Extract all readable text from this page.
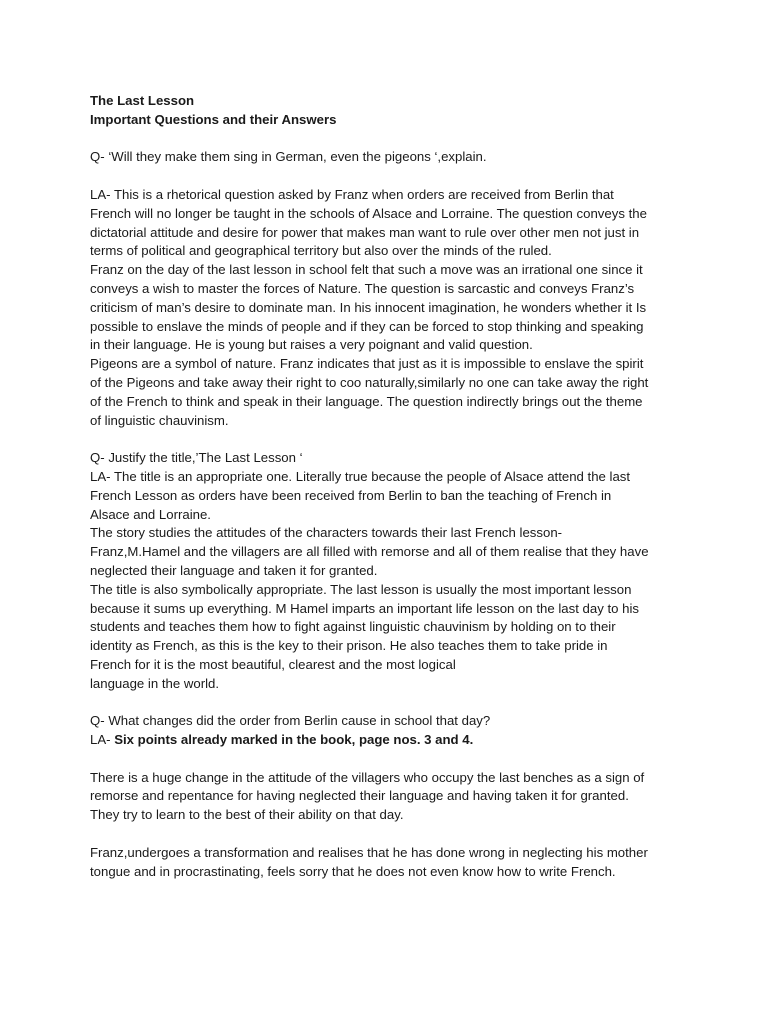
The Last Lesson
Important Questions and their Answers
Q- ‘Will they make them sing in German, even the pigeons ‘,explain.
LA- This is a rhetorical question asked by Franz when orders are received from Berlin that
French will no longer be taught in the schools of Alsace and Lorraine. The question conveys the
dictatorial attitude and desire for power that makes man want to rule over other men not just in
terms of political and geographical territory but also over the minds of the ruled.
Franz on the day of the last lesson in school felt that such a move was an irrational one since it
conveys a wish to master the forces of Nature. The question is sarcastic and conveys Franz’s
criticism of man’s desire to dominate man. In his innocent imagination, he wonders whether it Is
possible to enslave the minds of people and if they can be forced to stop thinking and speaking
in their language. He is young but raises a very poignant and valid question.
Pigeons are a symbol of nature. Franz indicates that just as it is impossible to enslave the spirit
of the Pigeons and take away their right to coo naturally,similarly no one can take away the right
of the French to think and speak in their language. The question indirectly brings out the theme
of linguistic chauvinism.
Q- Justify the title,’The Last Lesson ‘
LA- The title is an appropriate one. Literally true because the people of Alsace attend the last
French Lesson as orders have been received from Berlin to ban the teaching of French in
Alsace and Lorraine.
The story studies the attitudes of the characters towards their last French lesson-
Franz,M.Hamel and the villagers are all filled with remorse and all of them realise that they have
neglected their language and taken it for granted.
The title is also symbolically appropriate. The last lesson is usually the most important lesson
because it sums up everything. M Hamel imparts an important life lesson on the last day to his
students and teaches them how to fight against linguistic chauvinism by holding on to their
identity as French, as this is the key to their prison. He also teaches them to take pride in
French for it is the most beautiful, clearest and the most logical
language in the world.
Q- What changes did the order from Berlin cause in school that day?
LA- Six points already marked in the book, page nos. 3 and 4.
There is a huge change in the attitude of the villagers who occupy the last benches as a sign of
remorse and repentance for having neglected their language and having taken it for granted.
They try to learn to the best of their ability on that day.
Franz,undergoes a transformation and realises that he has done wrong in neglecting his mother
tongue and in procrastinating, feels sorry that he does not even know how to write French.
